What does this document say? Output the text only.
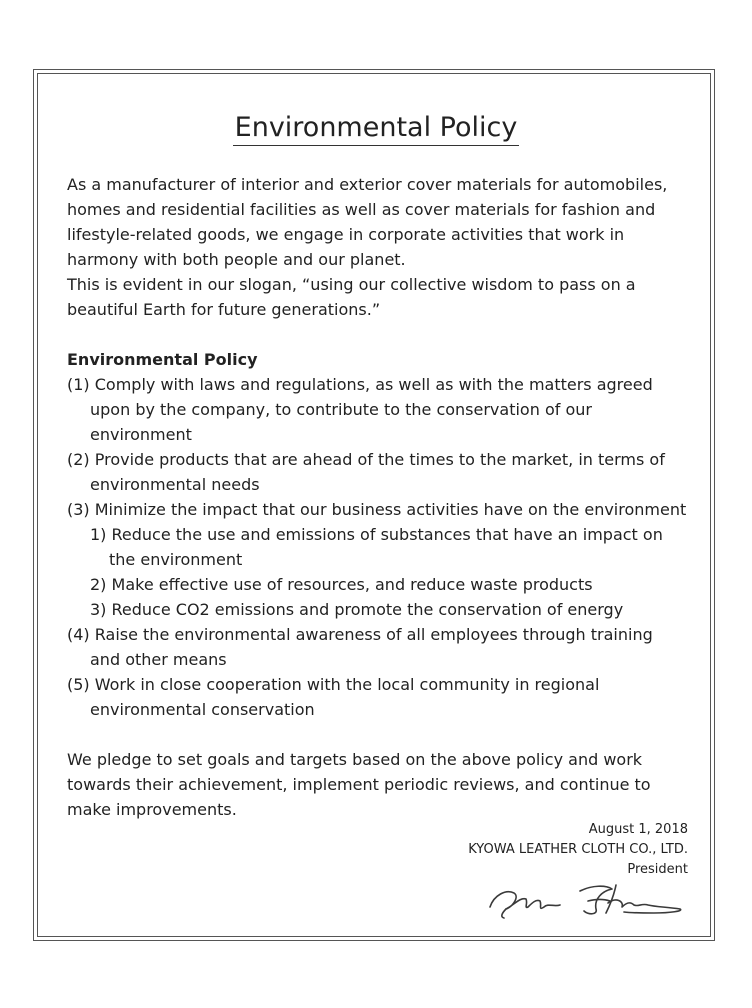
Environmental Policy

As a manufacturer of interior and exterior cover materials for automobiles, homes and residential facilities as well as cover materials for fashion and lifestyle-related goods, we engage in corporate activities that work in harmony with both people and our planet.

This is evident in our slogan, “using our collective wisdom to pass on a beautiful Earth for future generations.”

Environmental Policy

(1) Comply with laws and regulations, as well as with the matters agreed upon by the company, to contribute to the conservation of our environment

(2) Provide products that are ahead of the times to the market, in terms of environmental needs

(3) Minimize the impact that our business activities have on the environment

1) Reduce the use and emissions of substances that have an impact on the environment

2) Make effective use of resources, and reduce waste products

3) Reduce CO2 emissions and promote the conservation of energy

(4) Raise the environmental awareness of all employees through training and other means

(5) Work in close cooperation with the local community in regional environmental conservation

We pledge to set goals and targets based on the above policy and work towards their achievement, implement periodic reviews, and continue to make improvements.

August 1, 2018
KYOWA LEATHER CLOTH CO., LTD.
President
